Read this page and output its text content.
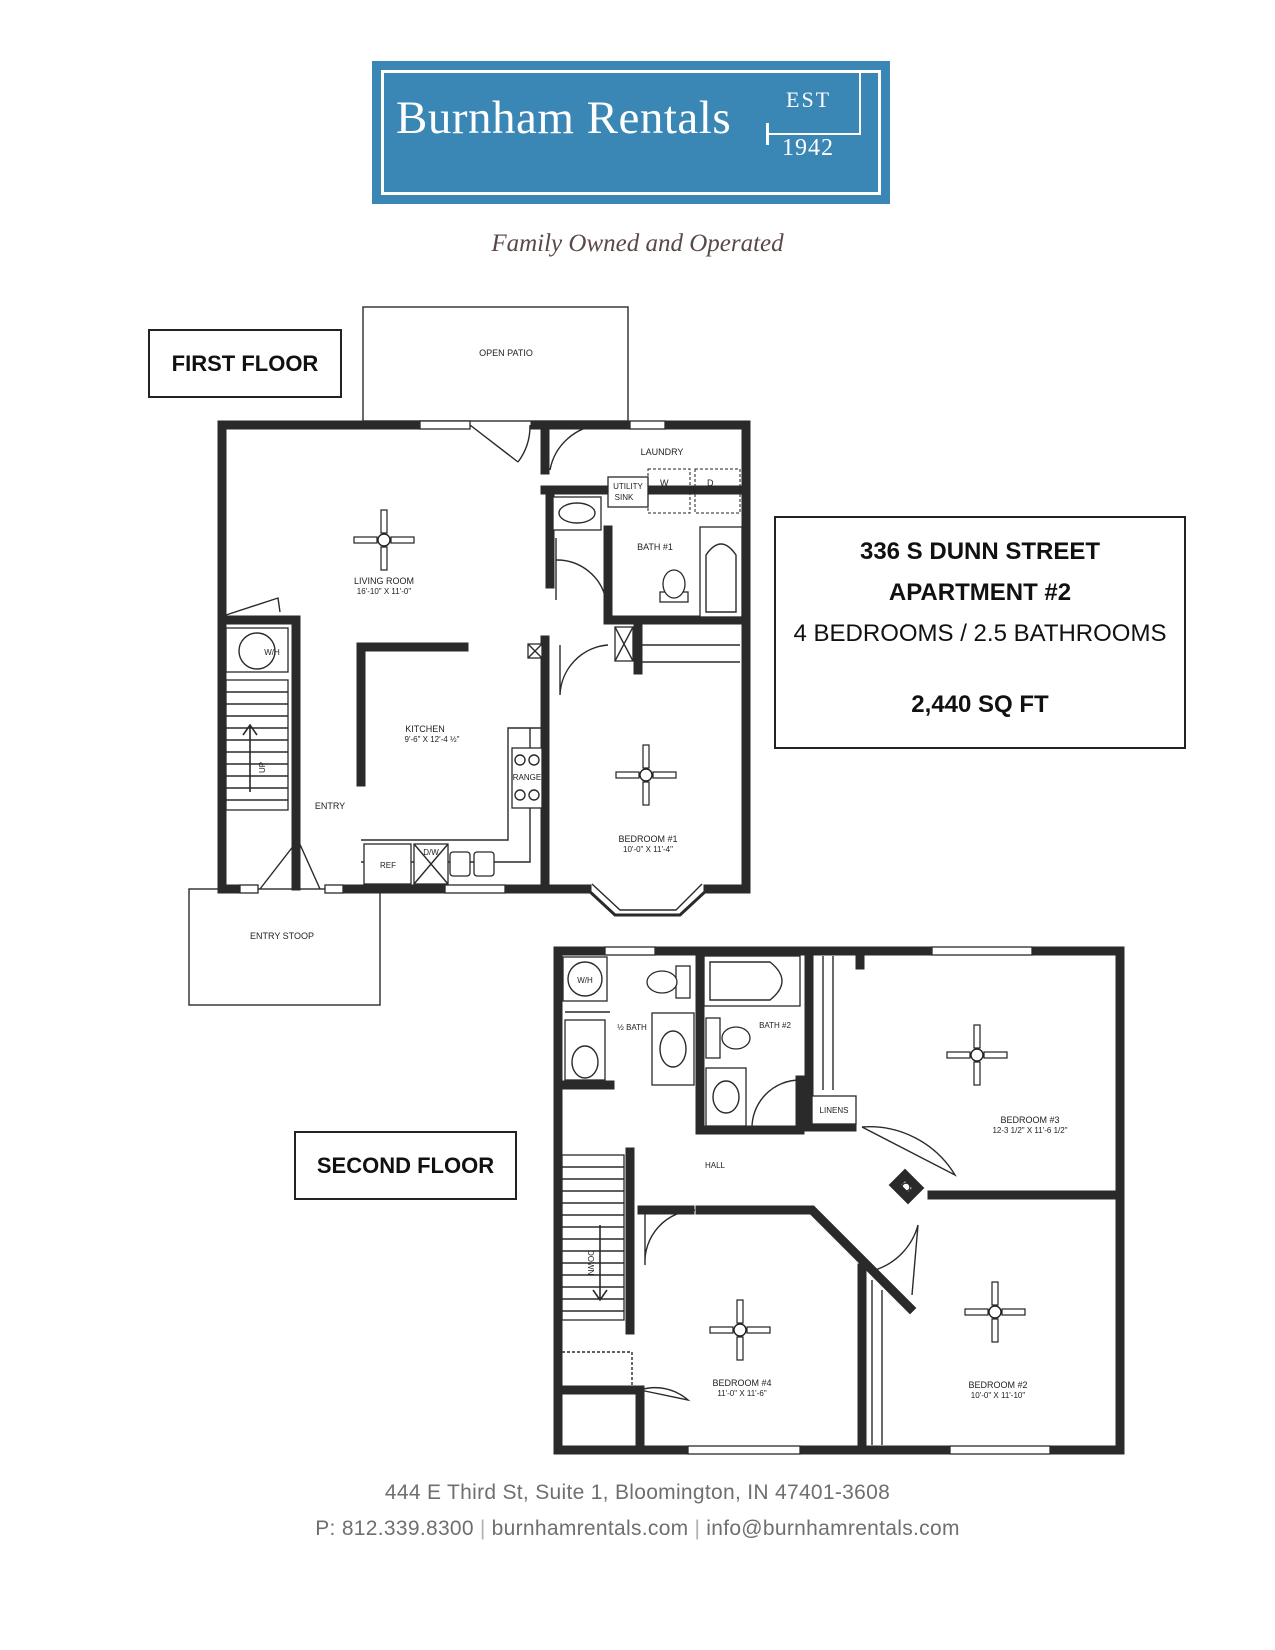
Burnham Rentals EST
1942
Family Owned and Operated
FIRST FLOOR
SECOND FLOOR
336 S DUNN STREET
APARTMENT #2
4 BEDROOMS / 2.5 BATHROOMS
2,440 SQ FT
OPEN PATIO
ENTRY STOOP
LAUNDRY
UTILITY
SINK
W	D
BATH #1
LIVING ROOM
16'-10" X 11'-0"
W/H
UP
ENTRY
KITCHEN
9'-6" X 12'-4 ½"
RANGE
REF
D/W
BEDROOM #1
10'-0" X 11'-4"
W/H
½ BATH	BATH #2
LINENS
BEDROOM #3
12-3 1/2" X 11'-6 1/2"
HALL
DOWN
BEDROOM #4
11'-0" X 11'-6"
BEDROOM #2
10'-0" X 11'-10"
444 E Third St, Suite 1, Bloomington, IN 47401-3608
P: 812.339.8300 | burnhamrentals.com | info@burnhamrentals.com
